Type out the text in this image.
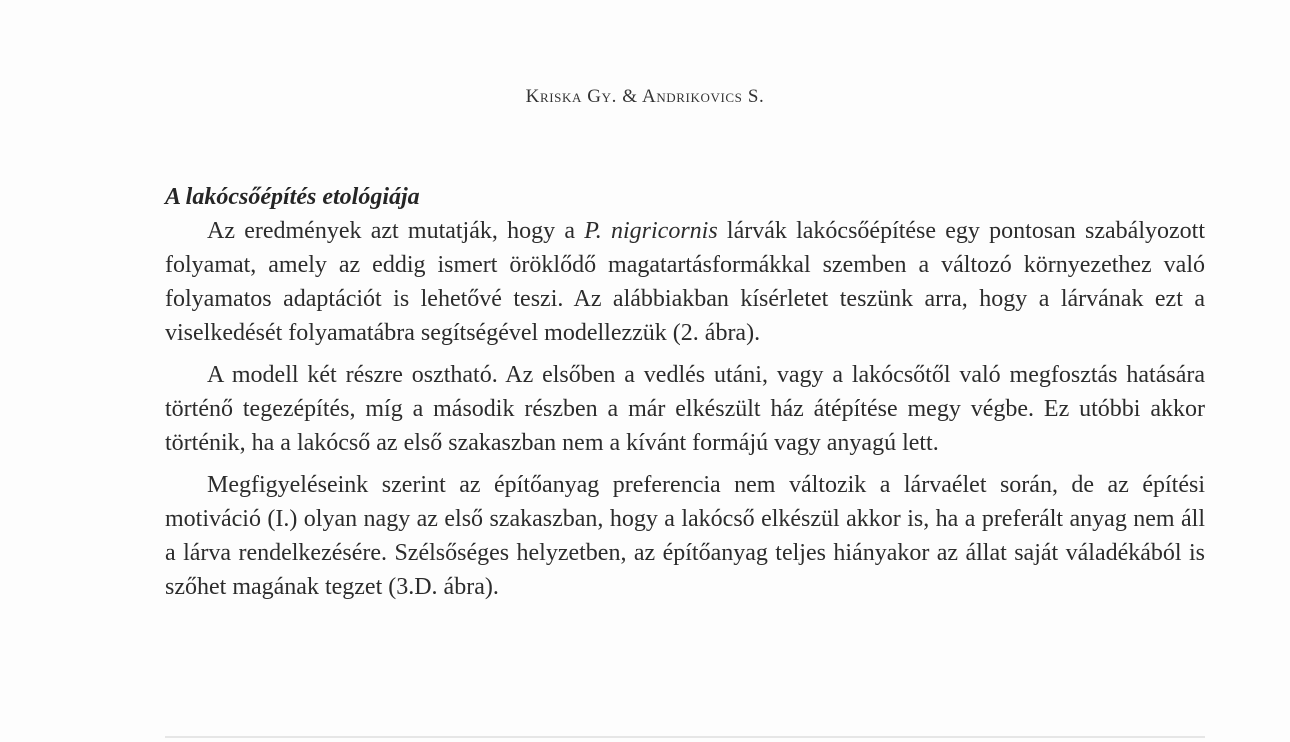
Kriska Gy. & Andrikovics S.
A lakócsőépítés etológiája

Az eredmények azt mutatják, hogy a P. nigricornis lárvák lakócsőépítése egy pontosan szabályozott folyamat, amely az eddig ismert öröklődő magatartásformákkal szemben a változó környezethez való folyamatos adaptációt is lehetővé teszi. Az alábbiakban kísérletet teszünk arra, hogy a lárvának ezt a viselkedését folyamatábra segítségével modellezzük (2. ábra).

A modell két részre osztható. Az elsőben a vedlés utáni, vagy a lakócsőtől való megfosztás hatására történő tegezépítés, míg a második részben a már elkészült ház átépítése megy végbe. Ez utóbbi akkor történik, ha a lakócső az első szakaszban nem a kívánt formájú vagy anyagú lett.

Megfigyeléseink szerint az építőanyag preferencia nem változik a lárvaélet során, de az építési motiváció (I.) olyan nagy az első szakaszban, hogy a lakócső elkészül akkor is, ha a preferált anyag nem áll a lárva rendelkezésére. Szélsőséges helyzetben, az építőanyag teljes hiányakor az állat saját váladékából is szőhet magának tegzet (3.D. ábra).
